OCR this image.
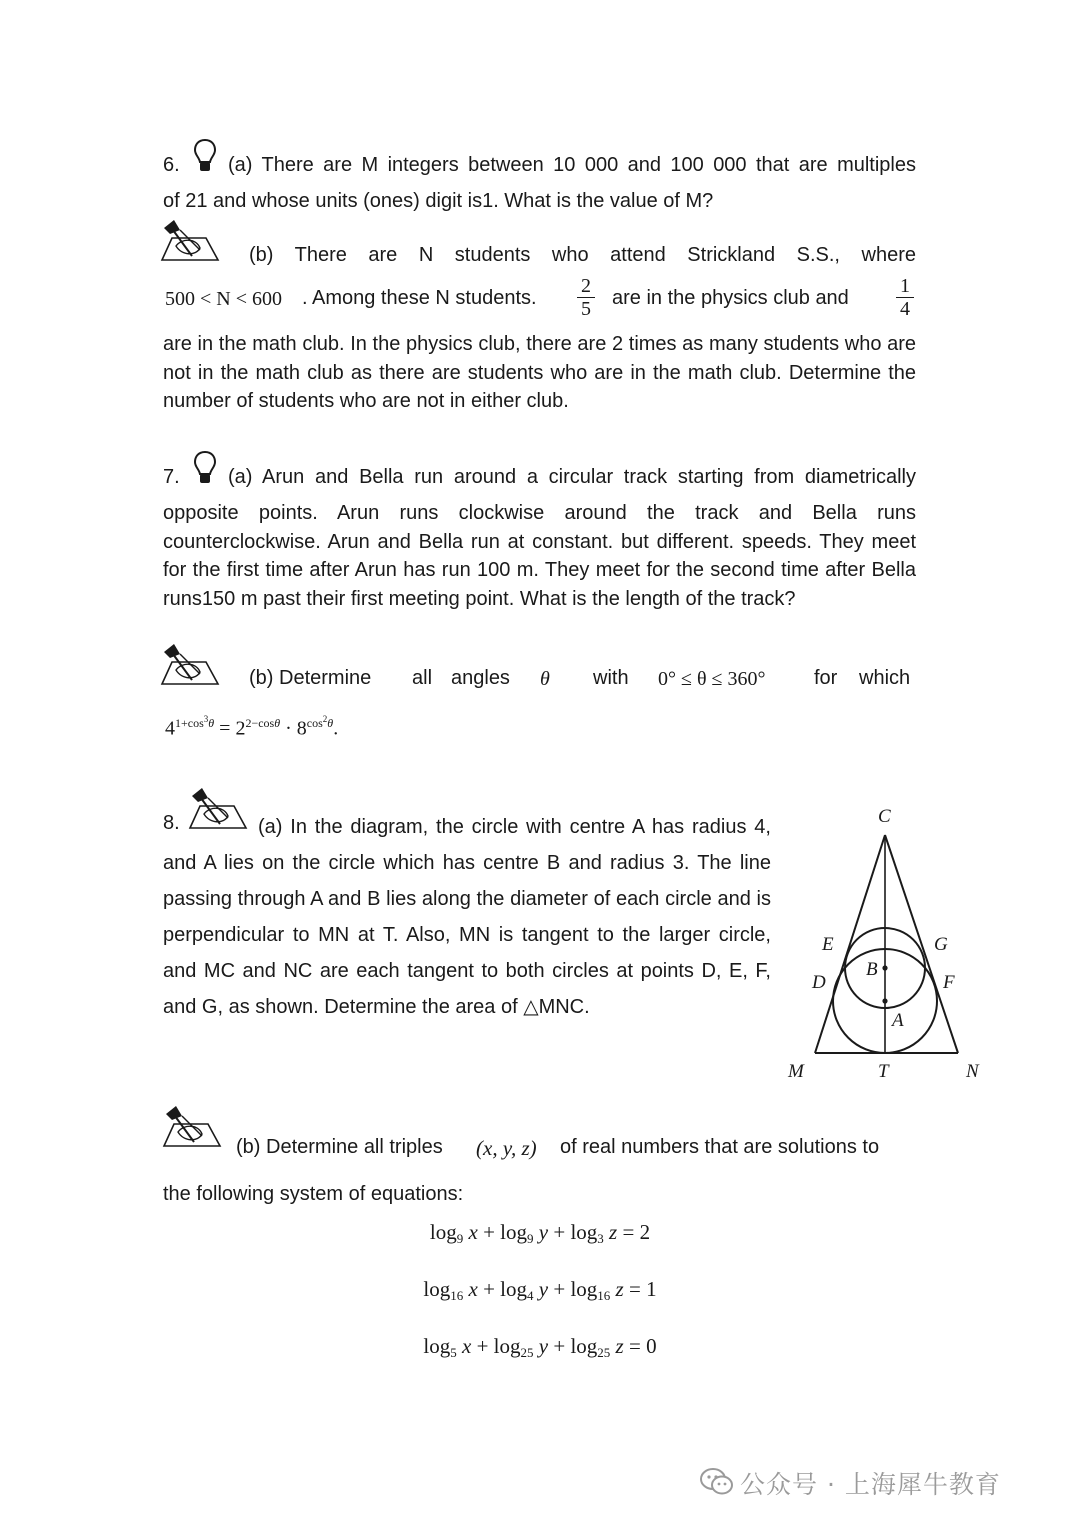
6. (a) There are M integers between 10 000 and 100 000 that are multiples
of 21 and whose units (ones) digit is1. What is the value of M?
(b) There are N students who attend Strickland S.S., where
500 < N < 600 . Among these N students.
2
5	are in the physics club and
1
4
are in the math club. In the physics club, there are 2 times as many students who are not in the math club as there are students who are in the math club. Determine the number of students who are not in either club.
7. (a) Arun and Bella run around a circular track starting from diametrically
opposite points. Arun runs clockwise around the track and Bella runs counterclockwise. Arun and Bella run at constant. but different. speeds. They meet for the first time after Arun has run 100 m. They meet for the second time after Bella runs150 m past their first meeting point. What is the length of the track?
(b) Determine all angles θ with 0° ≤ θ ≤ 360° for which
$4^{1+cos^3\theta} = 2^{2-cos\theta} \cdot 8^{cos^2\theta}$.
8.	(a) In the diagram, the circle with centre A has radius 4, and A lies on the circle which has centre B and radius 3. The line passing through A and B lies along the diameter of each circle and is perpendicular to MN at T. Also, MN is tangent to the larger circle, and MC and NC are each tangent to both circles at points D, E, F, and G, as shown. Determine the area of △MNC.
C
E	G
B
D	F
A
M	T	N
(b) Determine all triples (x, y, z) of real numbers that are solutions to
the following system of equations:
$\log_9 x + \log_9 y + \log_3 z = 2$
$\log_{16} x + \log_4 y + \log_{16} z = 1$
$\log_5 x + \log_{25} y + \log_{25} z = 0$
公众号 · 上海犀牛教育
